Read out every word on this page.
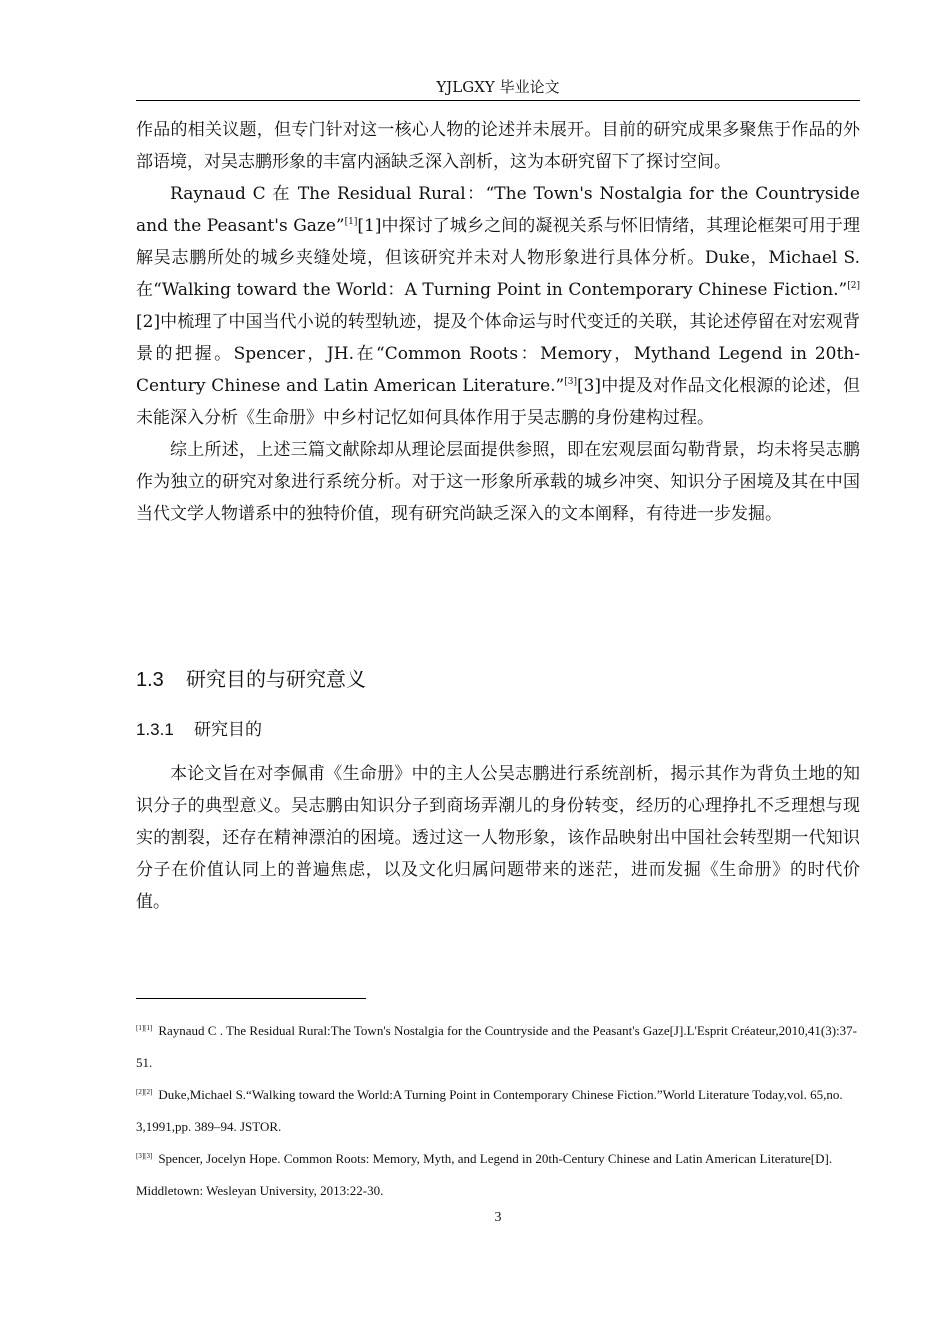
YJLGXY 毕业论文

作品的相关议题，但专门针对这一核心人物的论述并未展开。目前的研究成果多聚焦于作品的外部语境，对吴志鹏形象的丰富内涵缺乏深入剖析，这为本研究留下了探讨空间。

Raynaud C 在 The Residual Rural：“The Town's Nostalgia for the Countryside and the Peasant's Gaze”[1][1]中探讨了城乡之间的凝视关系与怀旧情绪，其理论框架可用于理解吴志鹏所处的城乡夹缝处境，但该研究并未对人物形象进行具体分析。Duke，Michael S.在“Walking toward the World：A Turning Point in Contemporary Chinese Fiction.”[2][2]中梳理了中国当代小说的转型轨迹，提及个体命运与时代变迁的关联，其论述停留在对宏观背景的把握。Spencer，JH.在“Common Roots：Memory，Mythand Legend in 20th-Century Chinese and Latin American Literature.”[3][3]中提及对作品文化根源的论述，但未能深入分析《生命册》中乡村记忆如何具体作用于吴志鹏的身份建构过程。

综上所述，上述三篇文献除却从理论层面提供参照，即在宏观层面勾勒背景，均未将吴志鹏作为独立的研究对象进行系统分析。对于这一形象所承载的城乡冲突、知识分子困境及其在中国当代文学人物谱系中的独特价值，现有研究尚缺乏深入的文本阐释，有待进一步发掘。

1.3 研究目的与研究意义
1.3.1 研究目的

本论文旨在对李佩甫《生命册》中的主人公吴志鹏进行系统剖析，揭示其作为背负土地的知识分子的典型意义。吴志鹏由知识分子到商场弄潮儿的身份转变，经历的心理挣扎不乏理想与现实的割裂，还存在精神漂泊的困境。透过这一人物形象，该作品映射出中国社会转型期一代知识分子在价值认同上的普遍焦虑，以及文化归属问题带来的迷茫，进而发掘《生命册》的时代价值。

[1][1] Raynaud C . The Residual Rural:The Town's Nostalgia for the Countryside and the Peasant's Gaze[J].L'Esprit Créateur,2010,41(3):37-51.

[2][2] Duke,Michael S.“Walking toward the World:A Turning Point in Contemporary Chinese Fiction.”World Literature Today,vol. 65,no. 3,1991,pp. 389–94. JSTOR.

[3][3] Spencer, Jocelyn Hope. Common Roots: Memory, Myth, and Legend in 20th-Century Chinese and Latin American Literature[D]. Middletown: Wesleyan University, 2013:22-30.

3
